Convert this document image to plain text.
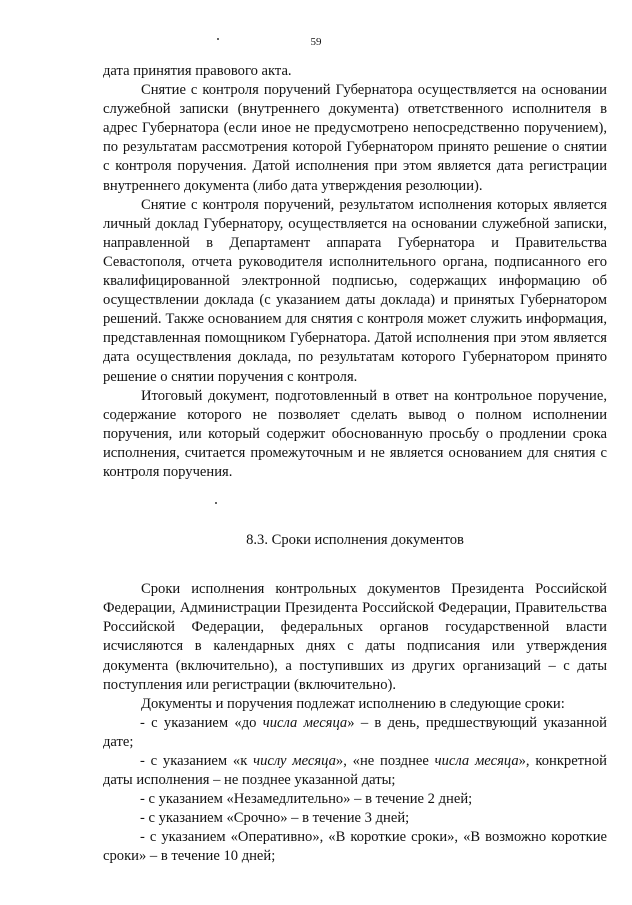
59
дата принятия правового акта.
Снятие с контроля поручений Губернатора осуществляется на основании служебной записки (внутреннего документа) ответственного исполнителя в адрес Губернатора (если иное не предусмотрено непосредственно поручением), по результатам рассмотрения которой Губернатором принято решение о снятии с контроля поручения. Датой исполнения при этом является дата регистрации внутреннего документа (либо дата утверждения резолюции).
Снятие с контроля поручений, результатом исполнения которых является личный доклад Губернатору, осуществляется на основании служебной записки, направленной в Департамент аппарата Губернатора и Правительства Севастополя, отчета руководителя исполнительного органа, подписанного его квалифицированной электронной подписью, содержащих информацию об осуществлении доклада (с указанием даты доклада) и принятых Губернатором решений. Также основанием для снятия с контроля может служить информация, представленная помощником Губернатора. Датой исполнения при этом является дата осуществления доклада, по результатам которого Губернатором принято решение о снятии поручения с контроля.
Итоговый документ, подготовленный в ответ на контрольное поручение, содержание которого не позволяет сделать вывод о полном исполнении поручения, или который содержит обоснованную просьбу о продлении срока исполнения, считается промежуточным и не является основанием для снятия с контроля поручения.
8.3. Сроки исполнения документов
Сроки исполнения контрольных документов Президента Российской Федерации, Администрации Президента Российской Федерации, Правительства Российской Федерации, федеральных органов государственной власти исчисляются в календарных днях с даты подписания или утверждения документа (включительно), а поступивших из других организаций – с даты поступления или регистрации (включительно).
Документы и поручения подлежат исполнению в следующие сроки:
- с указанием «до числа месяца» – в день, предшествующий указанной дате;
- с указанием «к числу месяца», «не позднее числа месяца», конкретной даты исполнения – не позднее указанной даты;
- с указанием «Незамедлительно» – в течение 2 дней;
- с указанием «Срочно» – в течение 3 дней;
- с указанием «Оперативно», «В короткие сроки», «В возможно короткие сроки» – в течение 10 дней;
